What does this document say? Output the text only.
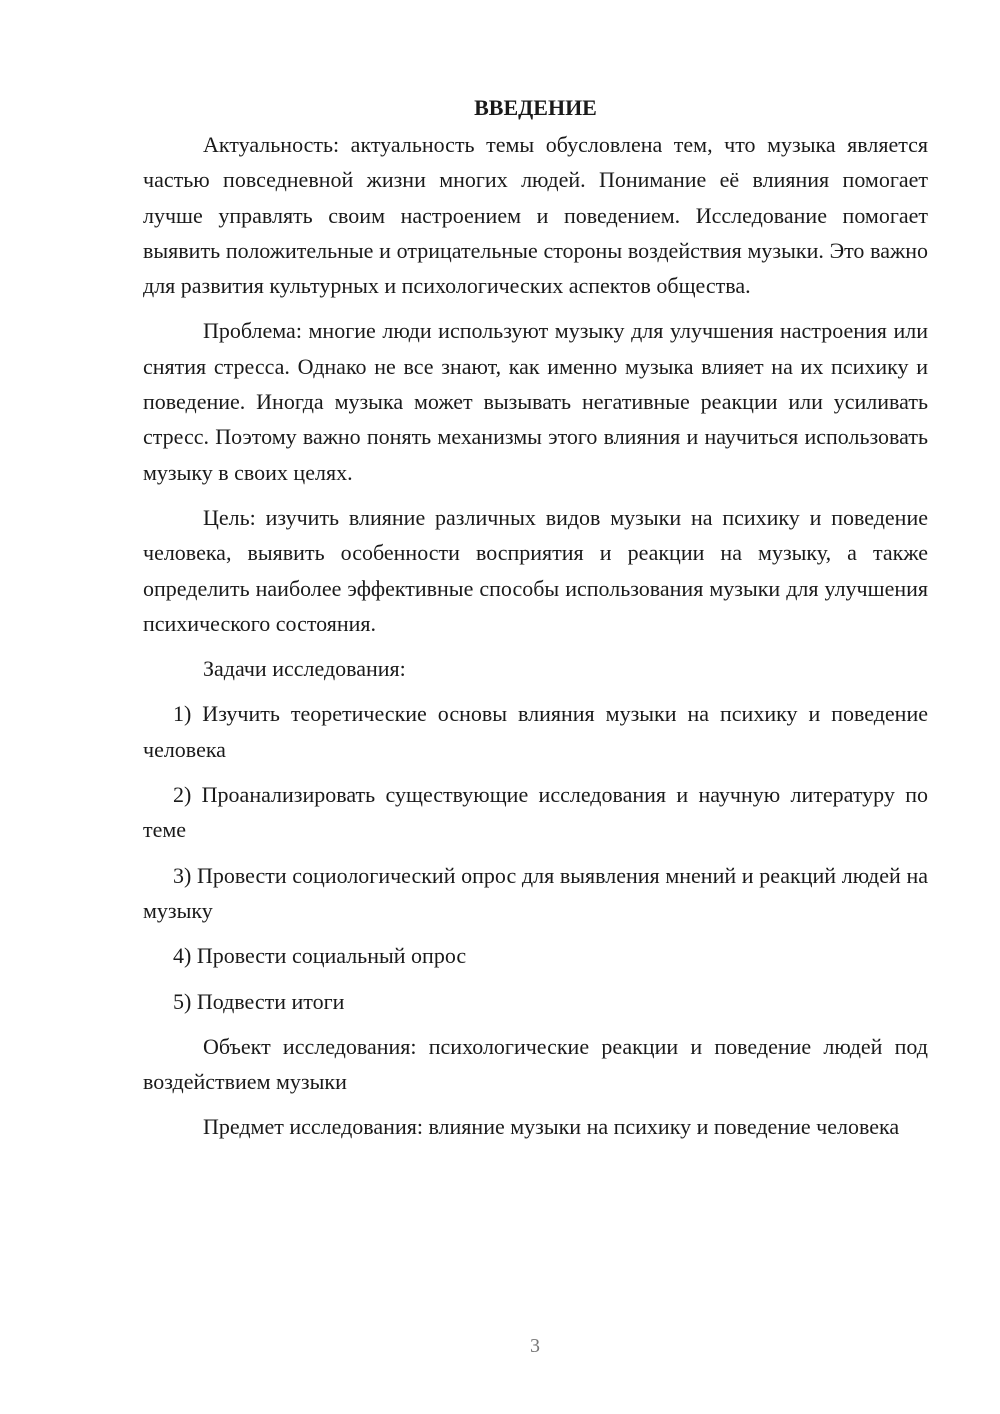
ВВЕДЕНИЕ

Актуальность: актуальность темы обусловлена тем, что музыка является частью повседневной жизни многих людей. Понимание её влияния помогает лучше управлять своим настроением и поведением. Исследование помогает выявить положительные и отрицательные стороны воздействия музыки. Это важно для развития культурных и психологических аспектов общества.

Проблема: многие люди используют музыку для улучшения настроения или снятия стресса. Однако не все знают, как именно музыка влияет на их психику и поведение. Иногда музыка может вызывать негативные реакции или усиливать стресс. Поэтому важно понять механизмы этого влияния и научиться использовать музыку в своих целях.

Цель: изучить влияние различных видов музыки на психику и поведение человека, выявить особенности восприятия и реакции на музыку, а также определить наиболее эффективные способы использования музыки для улучшения психического состояния.

Задачи исследования:

1) Изучить теоретические основы влияния музыки на психику и поведение человека

2) Проанализировать существующие исследования и научную литературу по теме

3) Провести социологический опрос для выявления мнений и реакций людей на музыку

4) Провести социальный опрос

5) Подвести итоги

Объект исследования: психологические реакции и поведение людей под воздействием музыки

Предмет исследования: влияние музыки на психику и поведение человека

3
